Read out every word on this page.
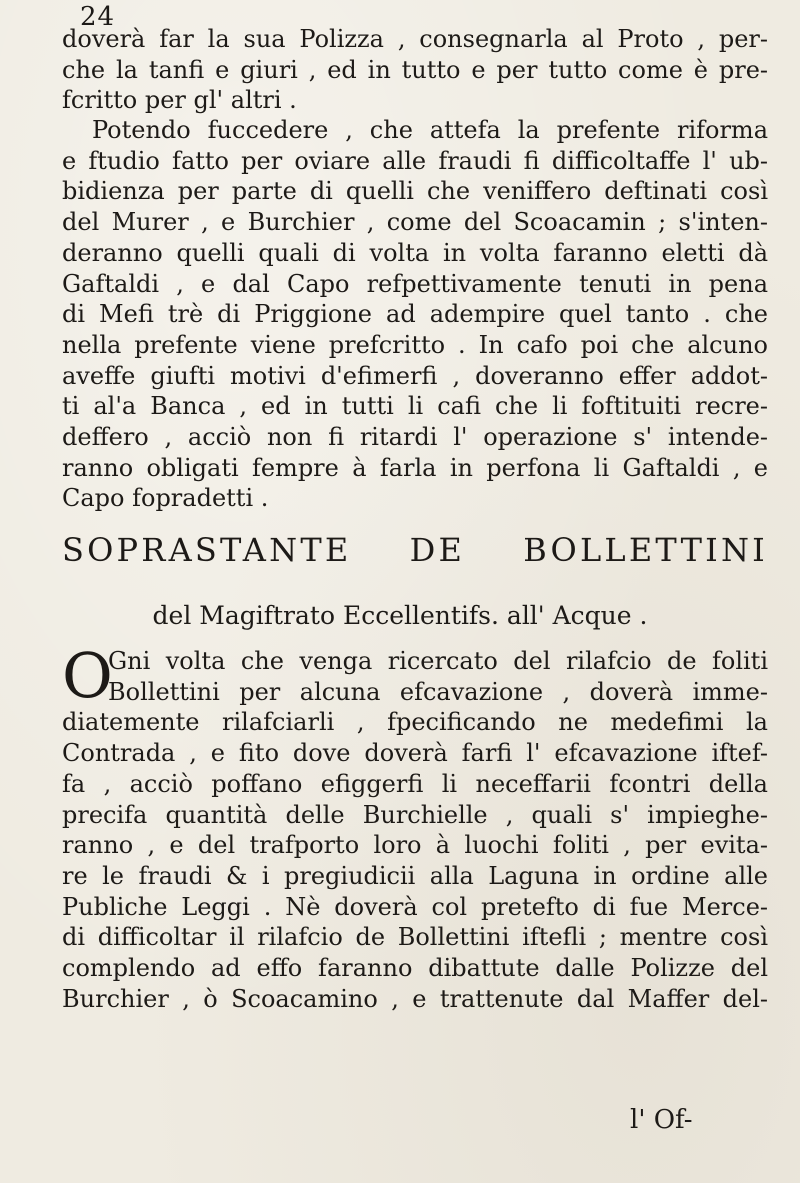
24
doverà far la sua Polizza , consegnarla al Proto , per-
che la tanfi e giuri , ed in tutto e per tutto come è pre-
fcritto per gl' altri .
Potendo fuccedere , che attefa la prefente riforma
e ftudio fatto per oviare alle fraudi fi difficoltaffe l' ub-
bidienza per parte di quelli che veniffero deftinati così
del Murer , e Burchier , come del Scoacamin ; s'inten-
deranno quelli quali di volta in volta faranno eletti dà
Gaftaldi , e dal Capo refpettivamente tenuti in pena
di Mefi trè di Priggione ad adempire quel tanto . che
nella prefente viene prefcritto . In cafo poi che alcuno
aveffe giufti motivi d'efimerfi , doveranno effer addot-
ti al'a Banca , ed in tutti li cafi che li foftituiti recre-
deffero , acciò non fi ritardi l' operazione s' intende-
ranno obligati fempre à farla in perfona li Gaftaldi , e
Capo fopradetti .
SOPRASTANTE DE BOLLETTINI
del Magiftrato Eccellentifs. all' Acque .
O
Gni volta che venga ricercato del rilafcio de foliti
Bollettini per alcuna efcavazione , doverà imme-
diatemente rilafciarli , fpecificando ne medefimi la
Contrada , e fito dove doverà farfi l' efcavazione iftef-
fa , acciò poffano efiggerfi li neceffarii fcontri della
precifa quantità delle Burchielle , quali s' impieghe-
ranno , e del trafporto loro à luochi foliti , per evita-
re le fraudi & i pregiudicii alla Laguna in ordine alle
Publiche Leggi . Nè doverà col pretefto di fue Merce-
di difficoltar il rilafcio de Bollettini iftefli ; mentre così
complendo ad effo faranno dibattute dalle Polizze del
Burchier , ò Scoacamino , e trattenute dal Maffer del-
l' Of-
